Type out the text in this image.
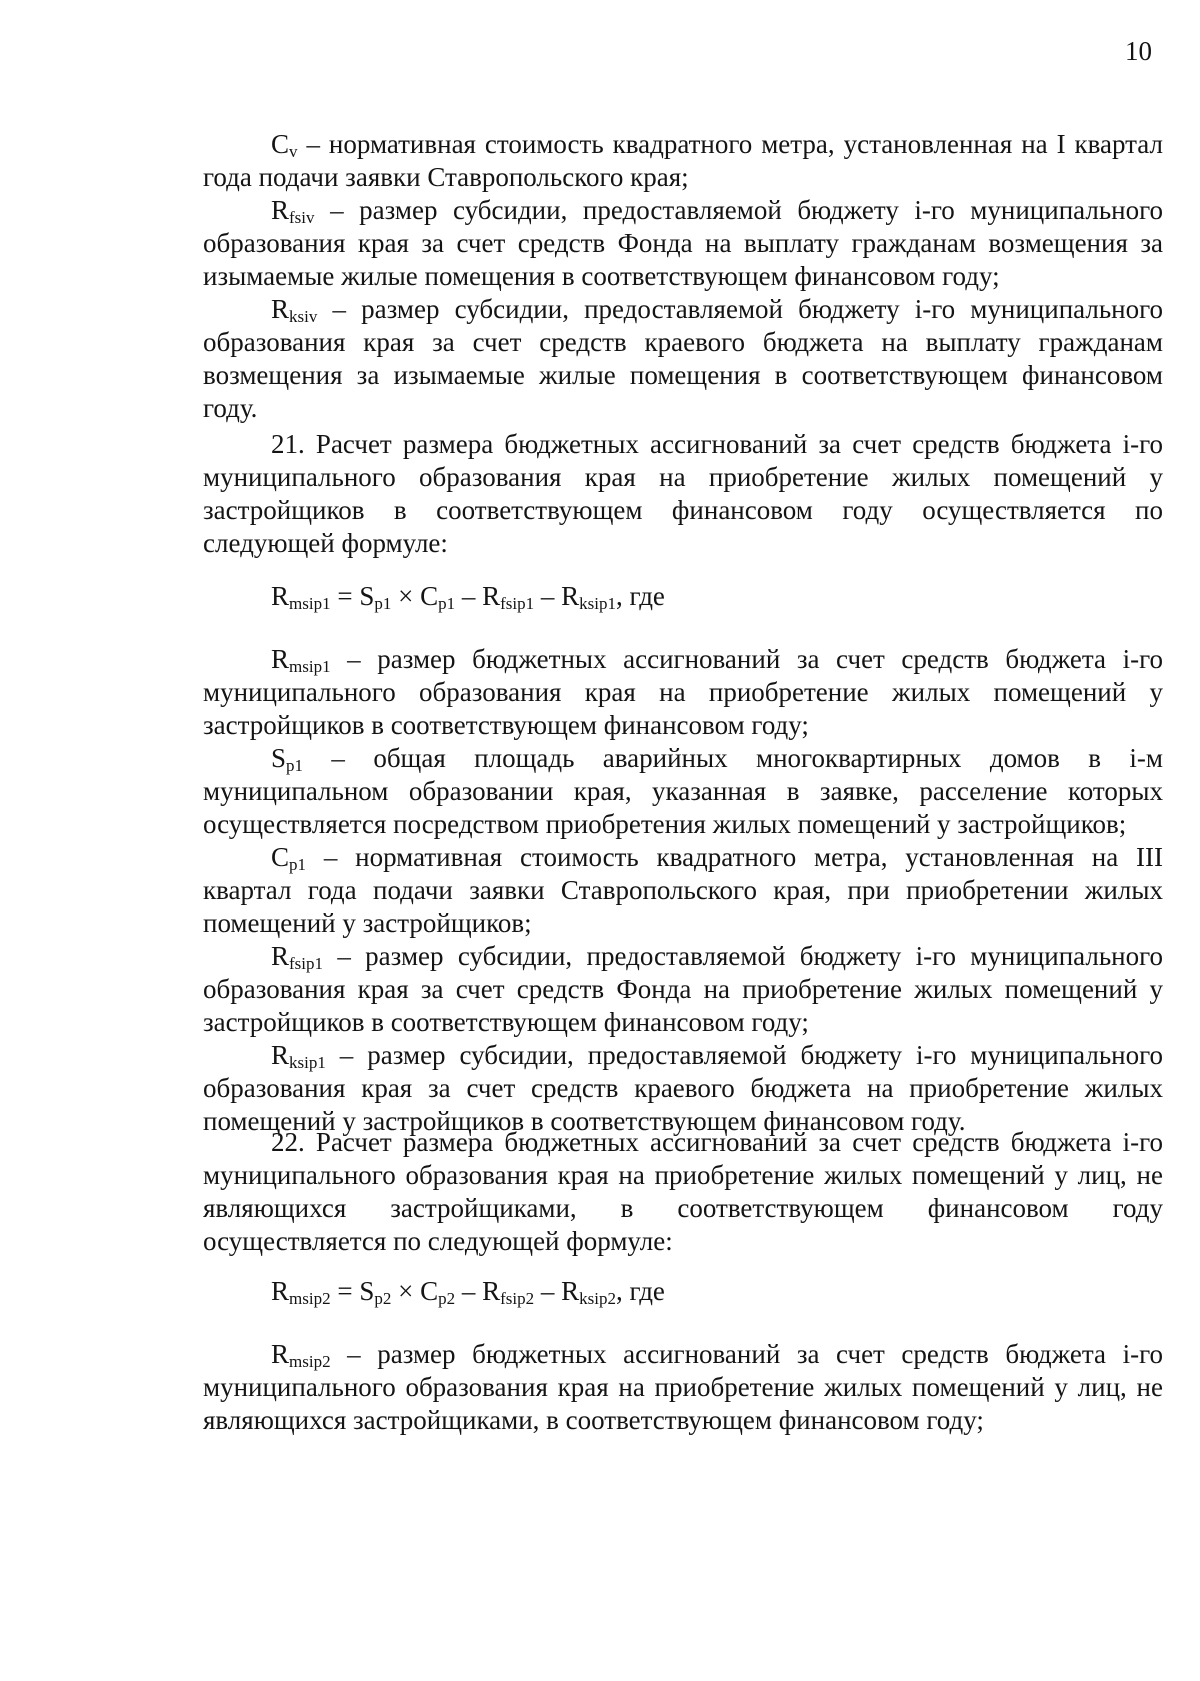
10

$C_v$ – нормативная стоимость квадратного метра, установленная на I квартал года подачи заявки Ставропольского края;

$R_{fsiv}$ – размер субсидии, предоставляемой бюджету i-го муниципального образования края за счет средств Фонда на выплату гражданам возмещения за изымаемые жилые помещения в соответствующем финансовом году;

$R_{ksiv}$ – размер субсидии, предоставляемой бюджету i-го муниципального образования края за счет средств краевого бюджета на выплату гражданам возмещения за изымаемые жилые помещения в соответствующем финансовом году.

21. Расчет размера бюджетных ассигнований за счет средств бюджета i-го муниципального образования края на приобретение жилых помещений у застройщиков в соответствующем финансовом году осуществляется по следующей формуле:

$R_{msip1} = S_{p1} \times C_{p1} - R_{fsip1} - R_{ksip1}$, где

$R_{msip1}$ – размер бюджетных ассигнований за счет средств бюджета i-го муниципального образования края на приобретение жилых помещений у застройщиков в соответствующем финансовом году;

$S_{p1}$ – общая площадь аварийных многоквартирных домов в i-м муниципальном образовании края, указанная в заявке, расселение которых осуществляется посредством приобретения жилых помещений у застройщиков;

$C_{p1}$ – нормативная стоимость квадратного метра, установленная на III квартал года подачи заявки Ставропольского края, при приобретении жилых помещений у застройщиков;

$R_{fsip1}$ – размер субсидии, предоставляемой бюджету i-го муниципального образования края за счет средств Фонда на приобретение жилых помещений у застройщиков в соответствующем финансовом году;

$R_{ksip1}$ – размер субсидии, предоставляемой бюджету i-го муниципального образования края за счет средств краевого бюджета на приобретение жилых помещений у застройщиков в соответствующем финансовом году.

22. Расчет размера бюджетных ассигнований за счет средств бюджета i-го муниципального образования края на приобретение жилых помещений у лиц, не являющихся застройщиками, в соответствующем финансовом году осуществляется по следующей формуле:

$R_{msip2} = S_{p2} \times C_{p2} - R_{fsip2} - R_{ksip2}$, где

$R_{msip2}$ – размер бюджетных ассигнований за счет средств бюджета i-го муниципального образования края на приобретение жилых помещений у лиц, не являющихся застройщиками, в соответствующем финансовом году;
